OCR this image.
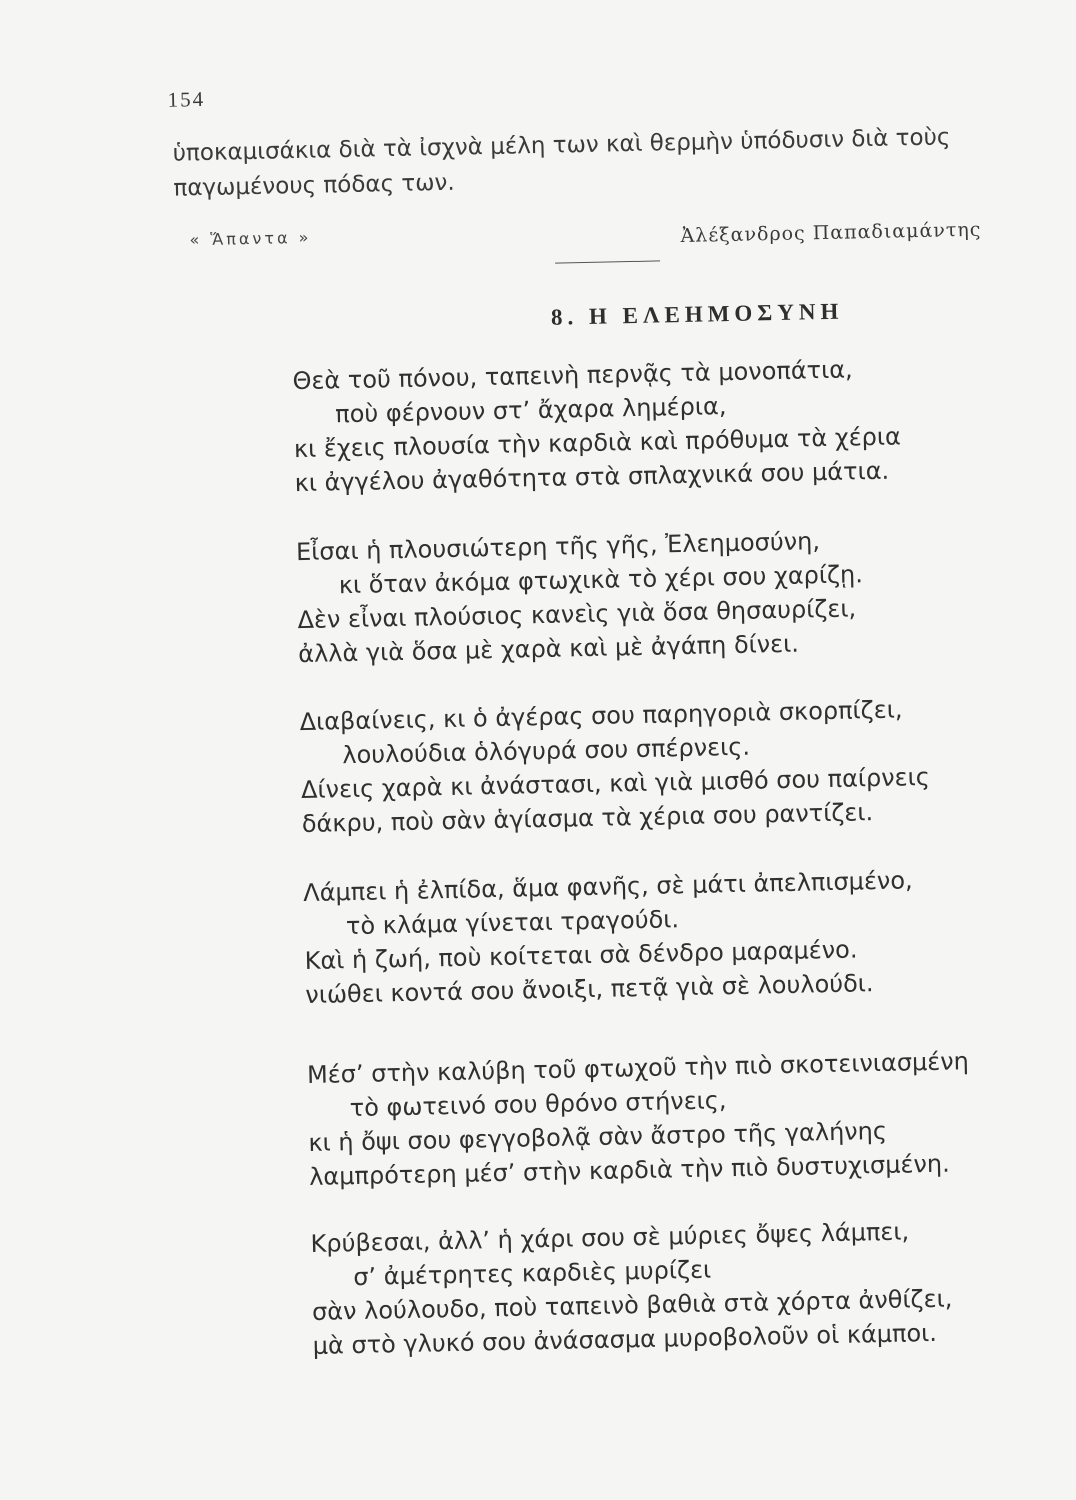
154
ὑποκαμισάκια διὰ τὰ ἰσχνὰ μέλη των καὶ θερμὴν ὑπόδυσιν διὰ τοὺς
παγωμένους πόδας των.
« Ἅπαντα »	Ἀλέξανδρος Παπαδιαμάντης
8. Η ΕΛΕΗΜΟΣΥΝΗ
Θεὰ τοῦ πόνου, ταπεινὴ περνᾷς τὰ μονοπάτια,
ποὺ φέρνουν στ’ ἄχαρα λημέρια,
κι ἔχεις πλουσία τὴν καρδιὰ καὶ πρόθυμα τὰ χέρια
κι ἀγγέλου ἀγαθότητα στὰ σπλαχνικά σου μάτια.
Εἶσαι ἡ πλουσιώτερη τῆς γῆς, Ἐλεημοσύνη,
κι ὅταν ἀκόμα φτωχικὰ τὸ χέρι σου χαρίζῃ.
Δὲν εἶναι πλούσιος κανεὶς γιὰ ὅσα θησαυρίζει,
ἀλλὰ γιὰ ὅσα μὲ χαρὰ καὶ μὲ ἀγάπη δίνει.
Διαβαίνεις, κι ὁ ἀγέρας σου παρηγοριὰ σκορπίζει,
λουλούδια ὁλόγυρά σου σπέρνεις.
Δίνεις χαρὰ κι ἀνάστασι, καὶ γιὰ μισθό σου παίρνεις
δάκρυ, ποὺ σὰν ἁγίασμα τὰ χέρια σου ραντίζει.
Λάμπει ἡ ἐλπίδα, ἅμα φανῆς, σὲ μάτι ἀπελπισμένο,
τὸ κλάμα γίνεται τραγούδι.
Καὶ ἡ ζωή, ποὺ κοίτεται σὰ δένδρο μαραμένο.
νιώθει κοντά σου ἄνοιξι, πετᾷ γιὰ σὲ λουλούδι.
Μέσ’ στὴν καλύβη τοῦ φτωχοῦ τὴν πιὸ σκοτεινιασμένη
τὸ φωτεινό σου θρόνο στήνεις,
κι ἡ ὄψι σου φεγγοβολᾷ σὰν ἄστρο τῆς γαλήνης
λαμπρότερη μέσ’ στὴν καρδιὰ τὴν πιὸ δυστυχισμένη.
Κρύβεσαι, ἀλλ’ ἡ χάρι σου σὲ μύριες ὄψες λάμπει,
σ’ ἀμέτρητες καρδιὲς μυρίζει
σὰν λούλουδο, ποὺ ταπεινὸ βαθιὰ στὰ χόρτα ἀνθίζει,
μὰ στὸ γλυκό σου ἀνάσασμα μυροβολοῦν οἱ κάμποι.
